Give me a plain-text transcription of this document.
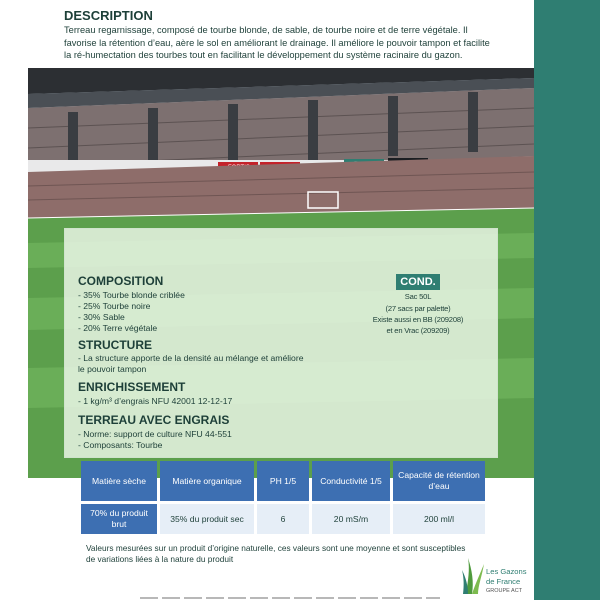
DESCRIPTION

Terreau regarnissage, composé de tourbe blonde, de sable, de tourbe noire et de terre végétale. Il favorise la rétention d’eau, aère le sol en améliorant le drainage. Il améliore le pouvoir tampon et facilite la ré-humectation des tourbes tout en facilitant le développement du système racinaire du gazon.

COMPOSITION

- 35% Tourbe blonde criblée

- 25% Tourbe noire

- 30% Sable

- 20% Terre végétale

COND.

Sac 50L

(27 sacs par palette)

Existe aussi en BB (209208)

et en Vrac (209209)

STRUCTURE

- La structure apporte de la densité au mélange et améliore

le pouvoir tampon

ENRICHISSEMENT

- 1 kg/m³ d’engrais NFU 42001 12-12-17

TERREAU AVEC ENGRAIS

- Norme: support de culture NFU 44-551

- Composants: Tourbe

Matière sèche	Matière organique	PH 1/5	Conductivité 1/5	Capacité de rétention d’eau
70% du produit brut	35% du produit sec	6	20 mS/m	200 ml/l

Valeurs mesurées sur un produit d’origine naturelle, ces valeurs sont une moyenne et sont susceptibles de variations liées à la nature du produit

Les Gazons

de France

GROUPE ACT
